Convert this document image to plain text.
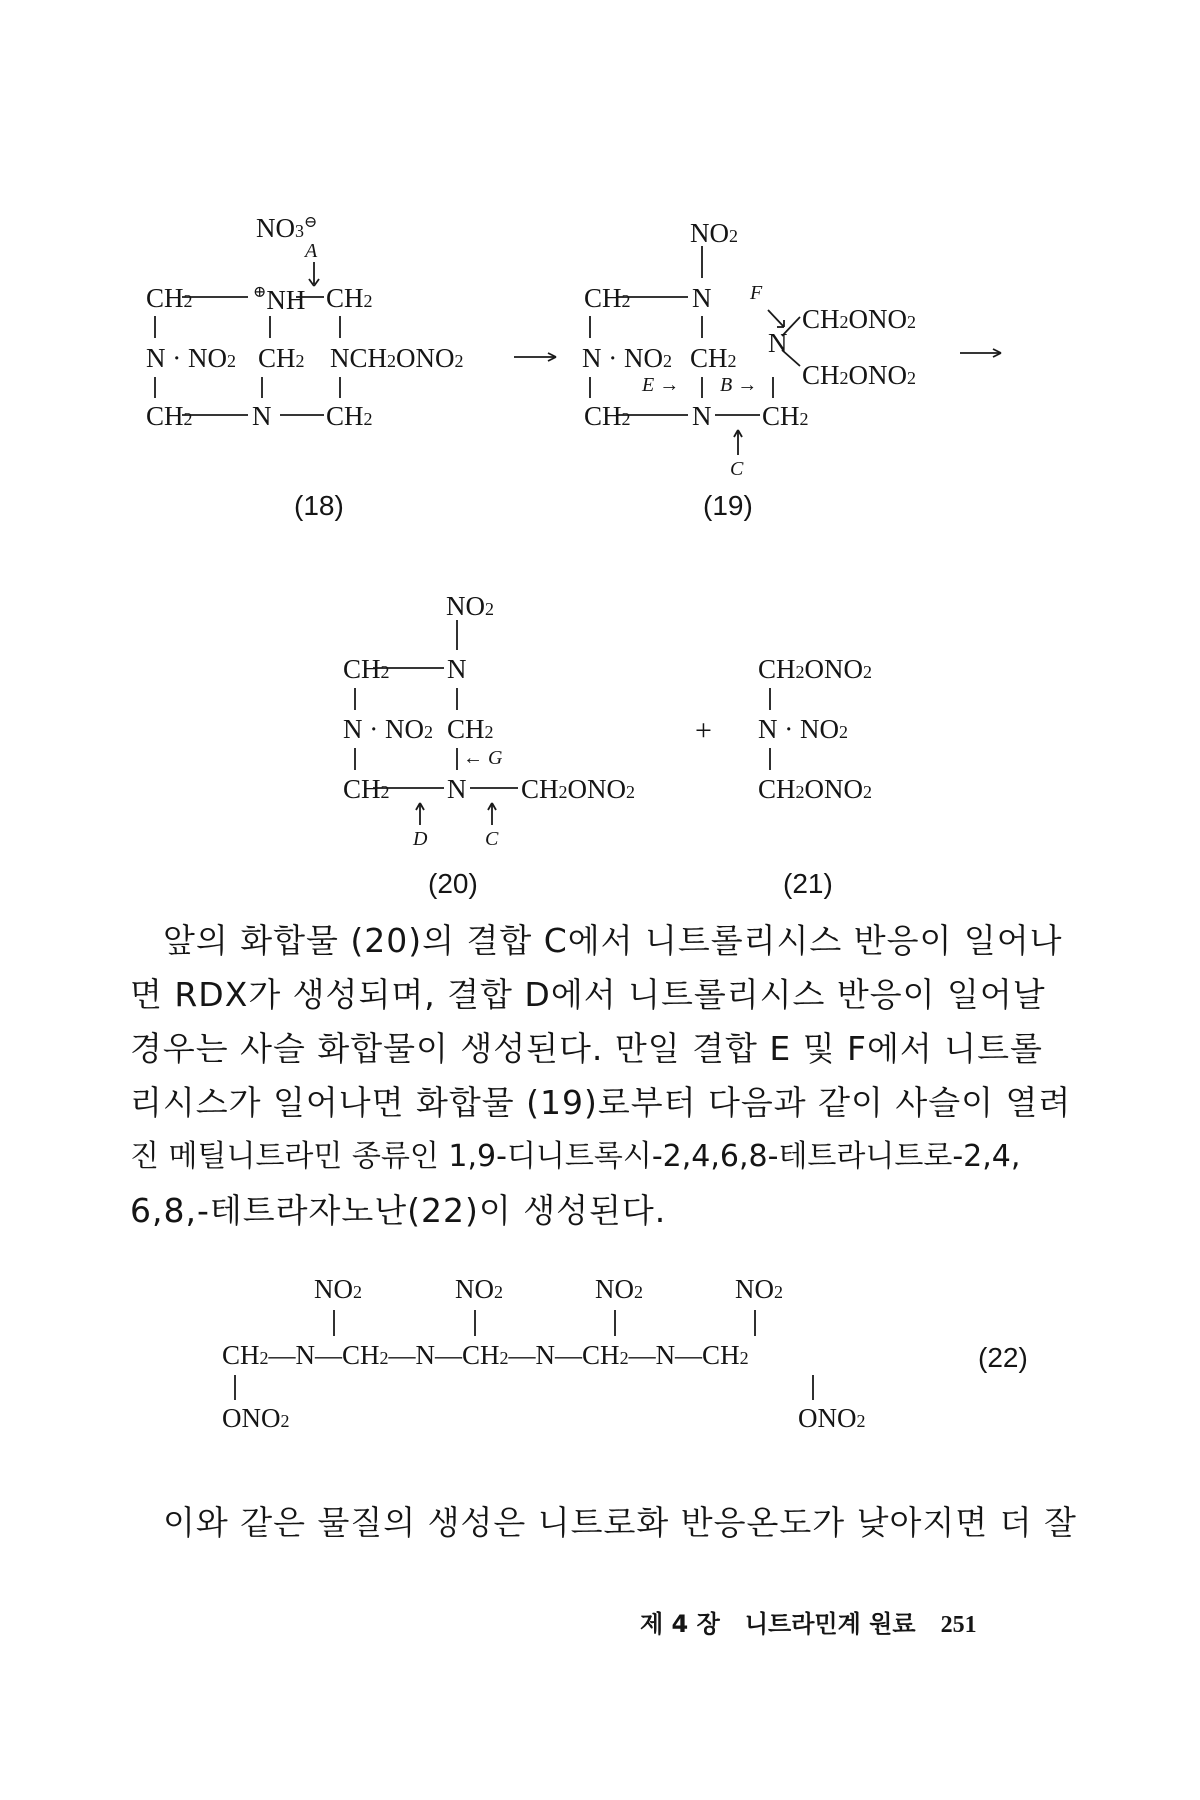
NO3⊖
A
CH2	⊕NH CH2
N · NO2 CH2 NCH2ONO2
CH2 N CH2
(18)
NO2
CH2 N F
CH2ONO2
N · NO2 CH2
N
CH2ONO2
E → B →
CH2 N CH2
C
(19)
NO2
CH2 N
N · NO2 CH2
← G
CH2 N CH2ONO2
D	C
(20)
+
CH2ONO2
N · NO2
CH2ONO2
(21)
앞의 화합물 (20)의 결합 C에서 니트롤리시스 반응이 일어나
면 RDX가 생성되며, 결합 D에서 니트롤리시스 반응이 일어날
경우는 사슬 화합물이 생성된다. 만일 결합 E 및 F에서 니트롤
리시스가 일어나면 화합물 (19)로부터 다음과 같이 사슬이 열려
진 메틸니트라민 종류인 1,9-디니트록시-2,4,6,8-테트라니트로-2,4,
6,8,-테트라자노난(22)이 생성된다.
NO2	NO2	NO2	NO2
CH2—N—CH2—N—CH2—N—CH2—N—CH2
ONO2	ONO2
(22)
이와 같은 물질의 생성은 니트로화 반응온도가 낮아지면 더 잘
제 4 장 니트라민계 원료 251
